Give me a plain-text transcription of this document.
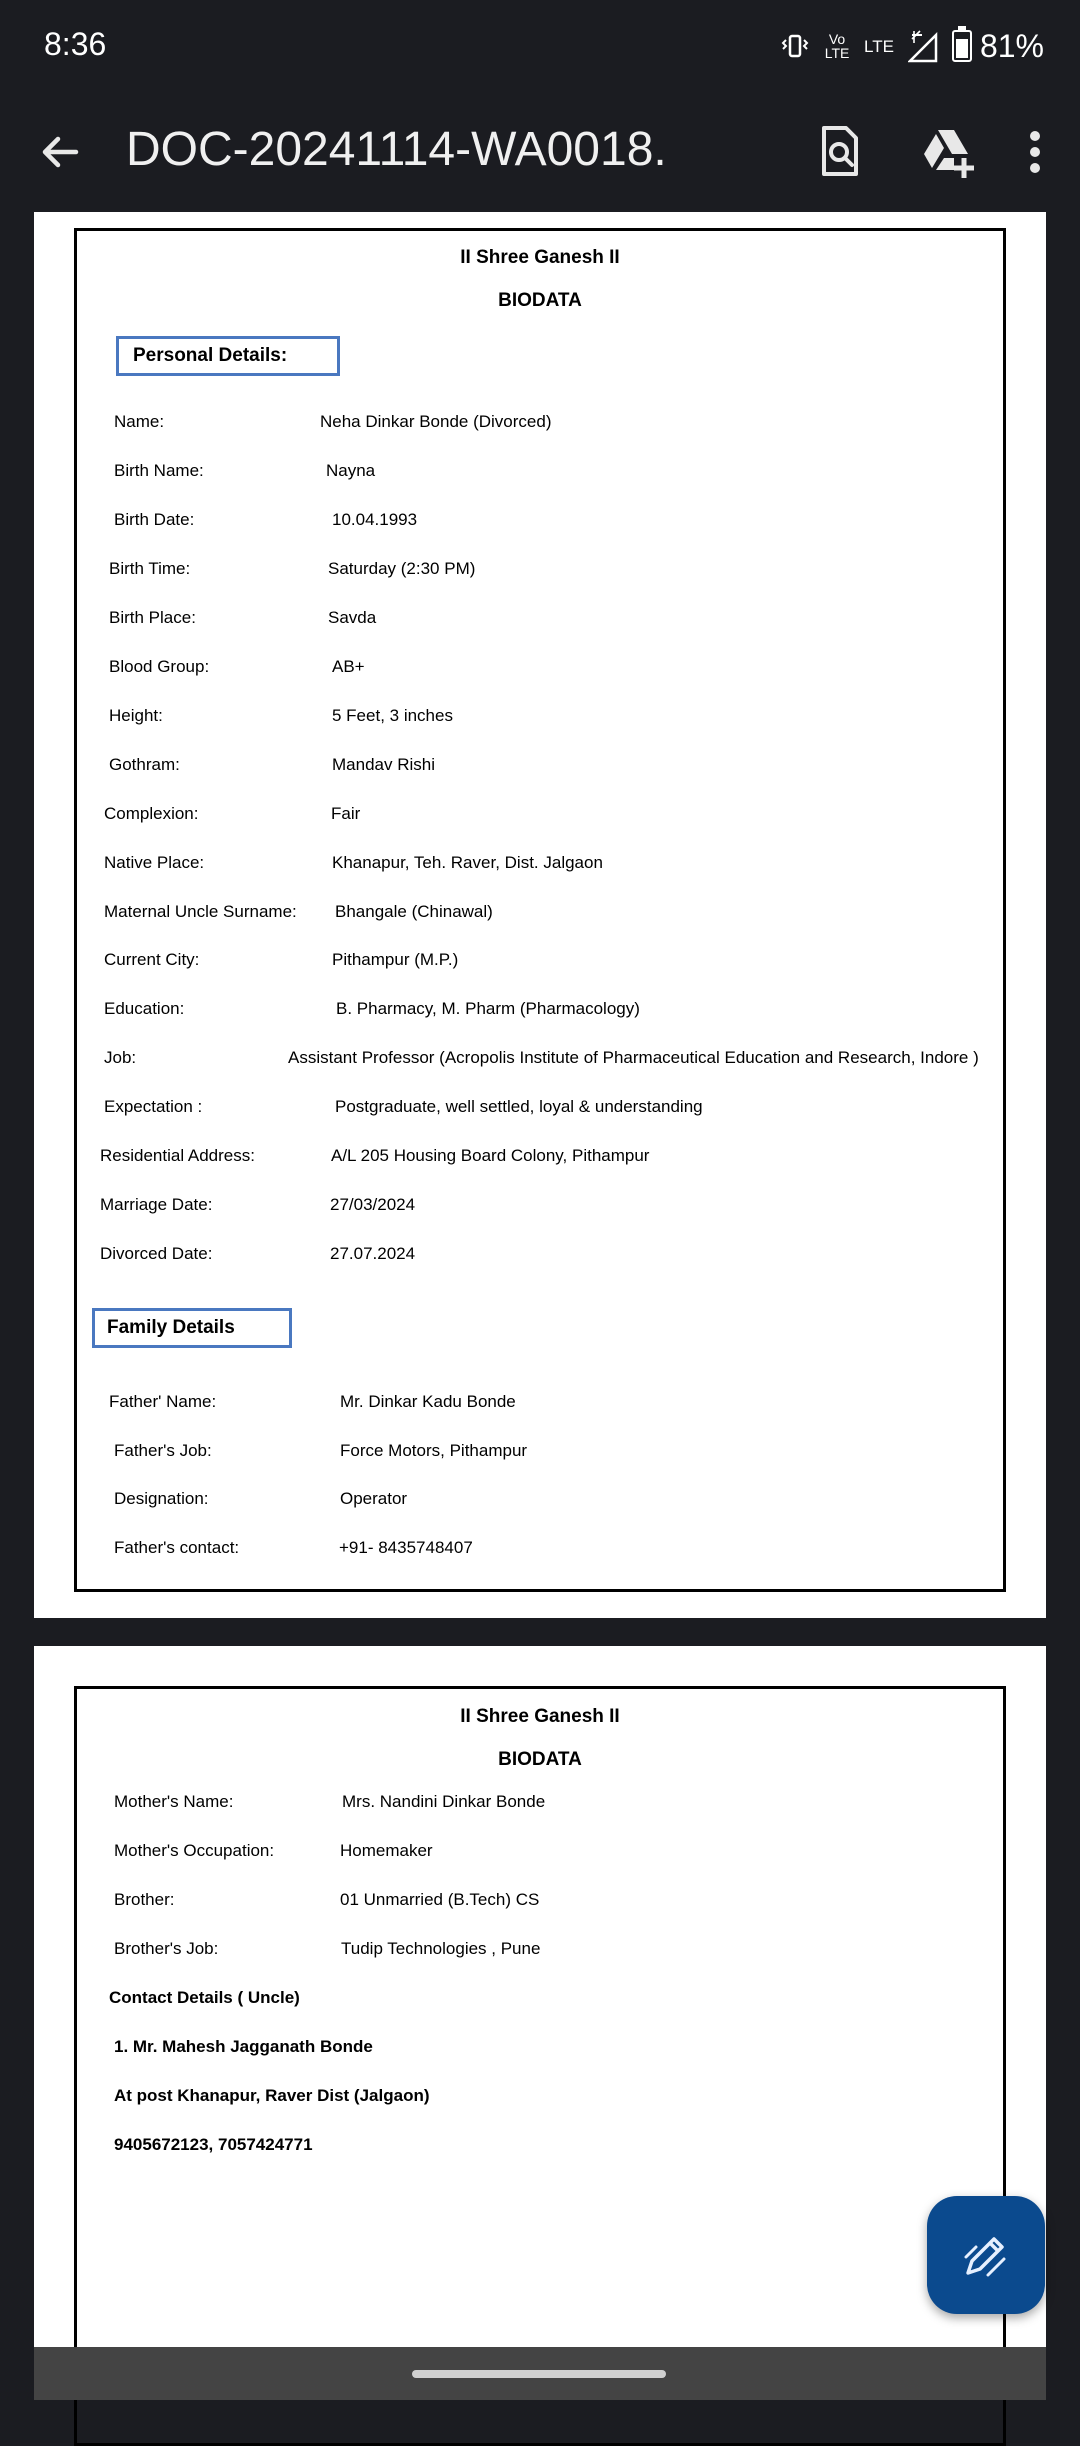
8:36	Vo LTE LTE	81%
DOC-20241114-WA0018.
II Shree Ganesh II
BIODATA
Personal Details:
Name:	Neha Dinkar Bonde (Divorced)
Birth Name:	Nayna
Birth Date:	10.04.1993
Birth Time:	Saturday (2:30 PM)
Birth Place:	Savda
Blood Group:	AB+
Height:	5 Feet, 3 inches
Gothram:	Mandav Rishi
Complexion:	Fair
Native Place:	Khanapur, Teh. Raver, Dist. Jalgaon
Maternal Uncle Surname: Bhangale (Chinawal)
Current City:	Pithampur (M.P.)
Education:	B. Pharmacy, M. Pharm (Pharmacology)
Job:	Assistant Professor (Acropolis Institute of Pharmaceutical Education and Research, Indore )
Expectation :	Postgraduate, well settled, loyal & understanding
Residential Address:	A/L 205 Housing Board Colony, Pithampur
Marriage Date:	27/03/2024
Divorced Date:	27.07.2024
Family Details
Father' Name:	Mr. Dinkar Kadu Bonde
Father's Job:	Force Motors, Pithampur
Designation:	Operator
Father's contact:	+91- 8435748407
II Shree Ganesh II
BIODATA
Mother's Name:	Mrs. Nandini Dinkar Bonde
Mother's Occupation:	Homemaker
Brother:	01 Unmarried (B.Tech) CS
Brother's Job:	Tudip Technologies , Pune
Contact Details ( Uncle)
1. Mr. Mahesh Jagganath Bonde
At post Khanapur, Raver Dist (Jalgaon)
9405672123, 7057424771
